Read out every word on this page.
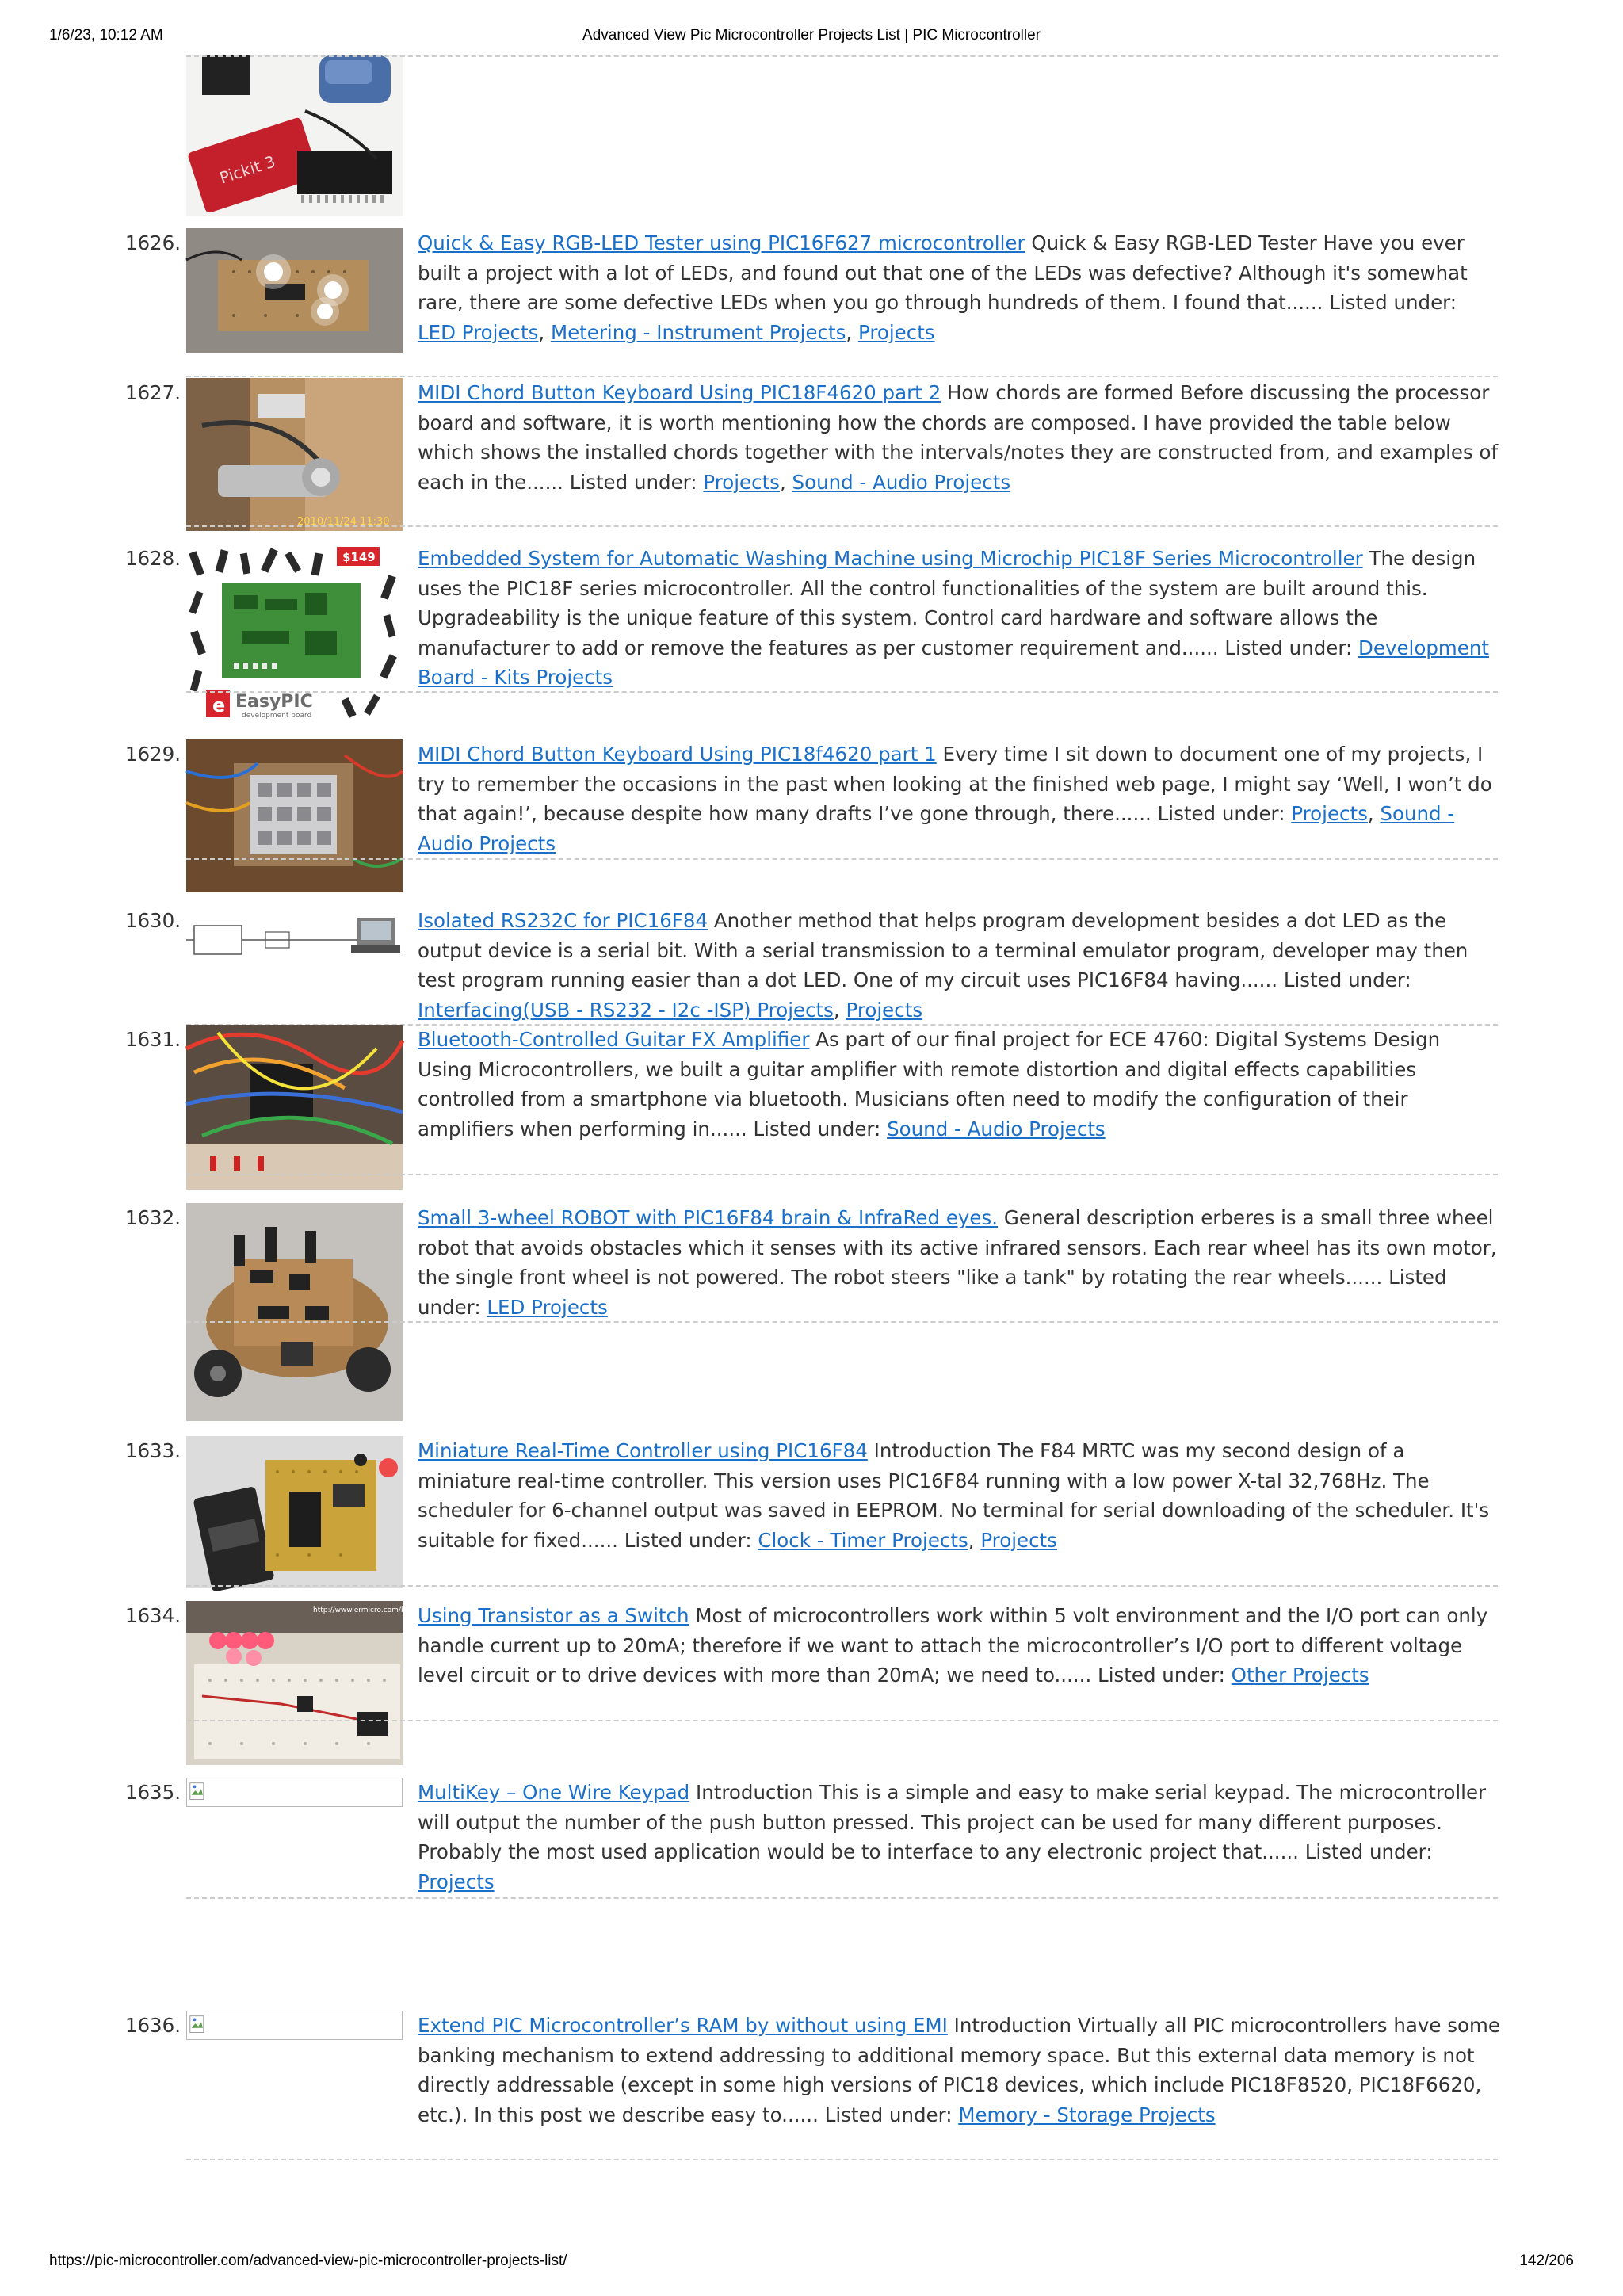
1/6/23, 10:12 AM	Advanced View Pic Microcontroller Projects List | PIC Microcontroller
Pickit 3
1626.	Quick & Easy RGB-LED Tester using PIC16F627 microcontroller Quick & Easy RGB-LED Tester Have you ever built a project with a lot of LEDs, and found out that one of the LEDs was defective? Although it's somewhat rare, there are some defective LEDs when you go through hundreds of them. I found that...... Listed under: LED Projects, Metering - Instrument Projects, Projects
1627.
2010/11/24 11:30
MIDI Chord Button Keyboard Using PIC18F4620 part 2 How chords are formed Before discussing the processor board and software, it is worth mentioning how the chords are composed. I have provided the table below which shows the installed chords together with the intervals/notes they are constructed from, and examples of each in the...... Listed under: Projects, Sound - Audio Projects
1628.	$149
e EasyPIC
development board
Embedded System for Automatic Washing Machine using Microchip PIC18F Series Microcontroller The design uses the PIC18F series microcontroller. All the control functionalities of the system are built around this. Upgradeability is the unique feature of this system. Control card hardware and software allows the manufacturer to add or remove the features as per customer requirement and...... Listed under: Development Board - Kits Projects
1629.	MIDI Chord Button Keyboard Using PIC18f4620 part 1 Every time I sit down to document one of my projects, I try to remember the occasions in the past when looking at the finished web page, I might say ‘Well, I won’t do that again!’, because despite how many drafts I’ve gone through, there...... Listed under: Projects, Sound - Audio Projects
1630.	Isolated RS232C for PIC16F84 Another method that helps program development besides a dot LED as the output device is a serial bit. With a serial transmission to a terminal emulator program, developer may then test program running easier than a dot LED. One of my circuit uses PIC16F84 having...... Listed under: Interfacing(USB - RS232 - I2c -ISP) Projects, Projects
1631.	Bluetooth-Controlled Guitar FX Amplifier As part of our final project for ECE 4760: Digital Systems Design Using Microcontrollers, we built a guitar amplifier with remote distortion and digital effects capabilities controlled from a smartphone via bluetooth. Musicians often need to modify the configuration of their amplifiers when performing in...... Listed under: Sound - Audio Projects
1632.	Small 3-wheel ROBOT with PIC16F84 brain & InfraRed eyes. General description erberes is a small three wheel robot that avoids obstacles which it senses with its active infrared sensors. Each rear wheel has its own motor, the single front wheel is not powered. The robot steers "like a tank" by rotating the rear wheels...... Listed under: LED Projects
1633.	Miniature Real-Time Controller using PIC16F84 Introduction The F84 MRTC was my second design of a miniature real-time controller. This version uses PIC16F84 running with a low power X-tal 32,768Hz. The scheduler for 6-channel output was saved in EEPROM. No terminal for serial downloading of the scheduler. It's suitable for fixed...... Listed under: Clock - Timer Projects, Projects
1634.	http://www.ermicro.com/blog Using Transistor as a Switch Most of microcontrollers work within 5 volt environment and the I/O port can only handle current up to 20mA; therefore if we want to attach the microcontroller’s I/O port to different voltage level circuit or to drive devices with more than 20mA; we need to...... Listed under: Other Projects
1635.	MultiKey – One Wire Keypad Introduction This is a simple and easy to make serial keypad. The microcontroller will output the number of the push button pressed. This project can be used for many different purposes. Probably the most used application would be to interface to any electronic project that...... Listed under: Projects
1636.	Extend PIC Microcontroller’s RAM by without using EMI Introduction Virtually all PIC microcontrollers have some banking mechanism to extend addressing to additional memory space. But this external data memory is not directly addressable (except in some high versions of PIC18 devices, which include PIC18F8520, PIC18F6620, etc.). In this post we describe easy to...... Listed under: Memory - Storage Projects
https://pic-microcontroller.com/advanced-view-pic-microcontroller-projects-list/	142/206
